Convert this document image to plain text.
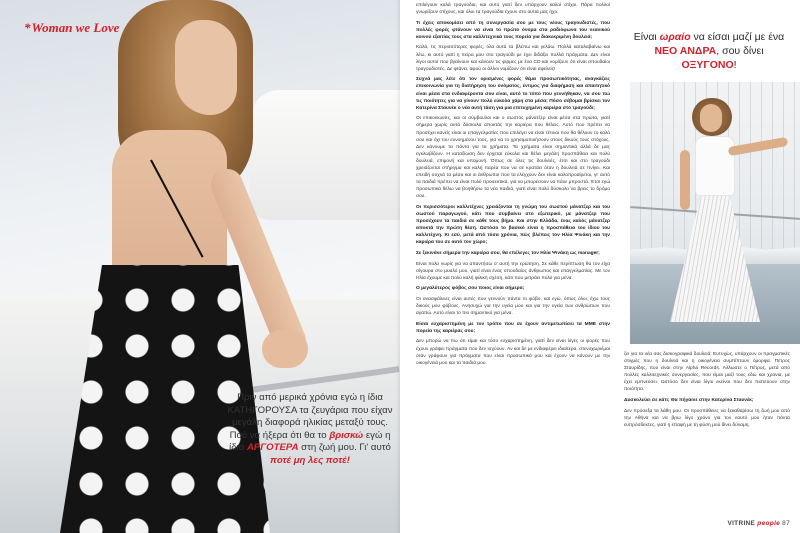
*Woman we Love
Πριν από μερικά χρόνια εγώ η ίδια ΚΑΤΗΓΟΡΟΥΣΑ τα ζευγάρια που είχαν μεγάλη διαφορά ηλικίας μεταξύ τους. Πού να ήξερα ότι θα το βρισκώ εγώ η ίδια ΑΡΓΟΤΕΡΑ στη ζωή μου. Γι' αυτό ποτέ μη λες ποτέ!

επιλέγουν καλά τραγούδια, και αυτό γιατί δεν υπάρχουν καλοί στίχοι. Πάρα πολλοί γνωρίζουν στίχους, και όλοι τα τραγούδια έχουν στο αυτιά μας ήχο.

Τι έχεις αποκομίσει από τη συνεργασία σου με τους νέους τραγουδιστές, που πολλές φορές φτάνουν να είναι το πρώτο όνομα στα ραδιόφωνα του νεανικού κοινού εξαιτίας τους στα καλλιτεχνικά τους πορεία για διακεκριμένη δουλειά;

Καλά, τις περισσότερες φορές, όλα αυτά τα βλέπω και γελάω. Πολλά καταλαβαίνω και λέω, κι αυτό γιατί η πείρα μου στο τραγούδι με έχει διδάξει πολλά πράγματα. Δεν είναι λίγοι αυτοί που βγαίνουν και κάνουν τις φίρμες με ένα CD και νομίζουν ότι είναι σπουδαίοι τραγουδιστές. Δε φτάνει, αφού οι άλλοι νομίζουν ότι είναι αφελείς!

Συχνά μας λέτε ότι τον ορισμένες φορές θέμα προσωπικότητας, αναγκάζεις επικοινωνία για τη διατήρηση του ονόματος, έντιμος για διαφήμιση και απαιτητικό είναι μέσα στα ενδιαφέροντα σου είναι, αυτό το τόπο που γεννήθηκαν, να σου πω τις ποιότητες για να γίνουν πολύ εύκολα χάρη στα μέσα; Πόσο σέβομαι βρίσκει τον Κατερίνα Σταυνέκ ο νέα αυτή τάση για μια επιτυχημένη καριέρα στο τραγούδι;

Οι επικοινωνίες, και οι σύμβουλοι και ο σωστός μάνατζερ είναι μέσα στα πρώτα, γιατί σήμερα χωρίς αυτά δύσκολα αποκτάς την καριέρα που θέλεις. Αυτό που πρέπει να προσέχει κανείς είναι οι επαγγελματίες που επιλέγει να είναι τέτοιοι που θα θέλουν το καλό σου και όχι του ευνοημένου τους, για να το χρησιμοποιήσουν στους δικούς τους στόχους. Δεν κάνουμε τα πάντα για τα χρήματα. Τα χρήματα είναι σημαντικά αλλά δε μας εγκλωβίζουν. Η καταξίωση δεν έρχεται εύκολα και θέλει μεγάλη προσπάθεια και πολύ δουλειά, επιμονή και υπομονή. Όπως σε όλες τις δουλειές, έτσι και στο τραγούδι χρειάζονται στήριγμα και καλή παρέα που να σε κρατάει όταν η δουλειά σε πνίγει. Και επειδή συχνά τα μέσα και οι άνθρωποι που τα ελέγχουν δεν είναι καλοπροαίρετοι, γι' αυτό τα παιδιά πρέπει να είναι πολύ προσεκτικά, για να μπορέσουν να πάνε μπροστά. Έτσι εγώ προσωπικά θέλω να βοηθήσω τα νέα παιδιά, γιατί είναι πολύ δύσκολο να βρεις το δρόμο σου.

Οι περισσότεροι καλλιτέχνες χρειάζονται τη γνώμη του σωστού μάνατζερ και του σωστού παραγωγού, κάτι που συμβαίνει στο εξωτερικό, με μάνατζερ που προσέχουν τα παιδιά σε κάθε τους βήμα. Και στην Ελλάδα, ένας καλός μάνατζερ αποκτά την πρώτη θέση. Ωστόσο το βασικό είναι η προσπάθεια του ίδιου του καλλιτέχνη. Κι εσύ, μετά από τόσα χρόνια, πώς βλέπεις τον Ηλία Ψινάκη και την καριέρα του σε αυτό τον χώρο;

Σε ξεκινάνε σήμερα την καριέρα σου, θα επέλεγες τον Ηλία Ψινάκη ως manager;

Είναι πολύ νωρίς για να απαντήσω σ' αυτή την ερώτηση. Σε κάθε περίπτωση θα τον είχα σίγουρα στο μυαλό μου, γιατί είναι ένας σπουδαίος άνθρωπος και επαγγελματίας. Με τον Ηλία έχουμε και πολύ καλή φιλική σχέση, κάτι που μετράει πολύ για μένα.

Ο μεγαλύτερος φόβος σου ποιος είναι σήμερα;

Οι ανασφάλειες είναι αυτές που γεννούν πάντα το φόβο, και εγώ, όπως όλοι, έχω τους δικούς μου φόβους. Ανησυχώ για την υγεία μου και για την υγεία των ανθρώπων που αγαπώ. Αυτό είναι το πιο σημαντικό για μένα.

Είσαι ευχαριστημένη με τον τρόπο που σε έχουν αντιμετωπίσει τα ΜΜΕ στην πορεία της καριέρας σου;

Δεν μπορώ να πω ότι είμαι και τόσο ευχαριστημένη, γιατί δεν είναι λίγες οι φορές που έχουν γράψει πράγματα που δεν ισχύουν. Αν και δε με ενδιαφέρει ιδιαίτερα, στενοχωριέμαι όταν γράφουν για πράγματα που είναι προσωπικά μου και έχουν να κάνουν με την οικογένειά μου και τα παιδιά μου.

Είναι ωραίο να είσαι μαζί με ένα ΝΕΟ ΑΝΔΡΑ, σου δίνει ΟΞΥΓΟΝΟ!

ζει για τα νέα σας δισκογραφικά δουλειά; Ευτυχώς, υπάρχουν οι πραγματικές στιγμές που η δουλειά και η οικογένεια συμπίπτουν όμορφα. Πέτρος Σταυρίδης, που είναι στην Alpha Records. Άλλωστε ο Πέτρος, μετά από πολλές καλλιτεχνικές συνεργασίες, που είμαι μαζί τους εδώ και χρόνια, με έχει εμπνεύσει. Ωστόσο δεν είναι λίγοι εκείνοι που δεν πιστεύουν στην ποιότητα.

Δυσκολεύει σε κάτι; Θα πήγαινε στην Κατερίνα Σταυνέκ;

Δεν πρόσεξα τα λάθη μου. Οι προσπάθειες να ξεκαθαρίσω τη ζωή μου από την Αθήνα και να βρω λίγο χρόνο για τον εαυτό μου ήταν πάντα ευπρόσδεκτες, γιατί η επαφή με τη φύση μού δίνει δύναμη.

VITRINE people 87
